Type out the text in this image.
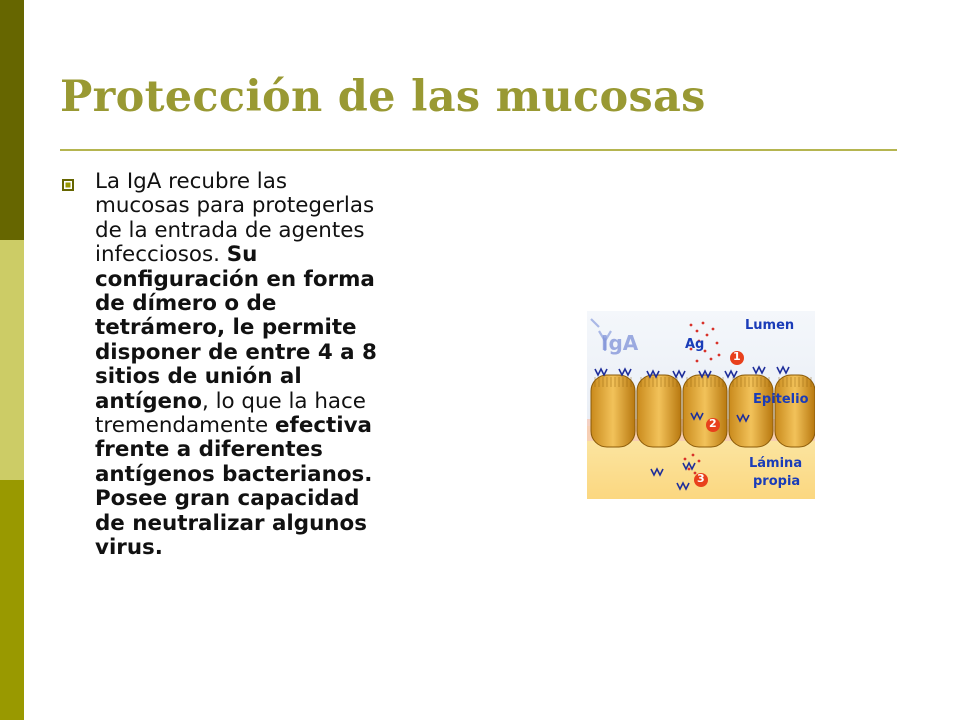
Protección de las mucosas
La IgA recubre las
mucosas para protegerlas
de la entrada de agentes
infecciosos. Su
configuración en forma
de dímero o de
tetrámero, le permite
disponer de entre 4 a 8
sitios de unión al
antígeno, lo que la hace
tremendamente efectiva
frente a diferentes
antígenos bacterianos.
Posee gran capacidad
de neutralizar algunos
virus.
IgA	Ag
Lumen
Epitelio
Lámina
propia
1
2
3
